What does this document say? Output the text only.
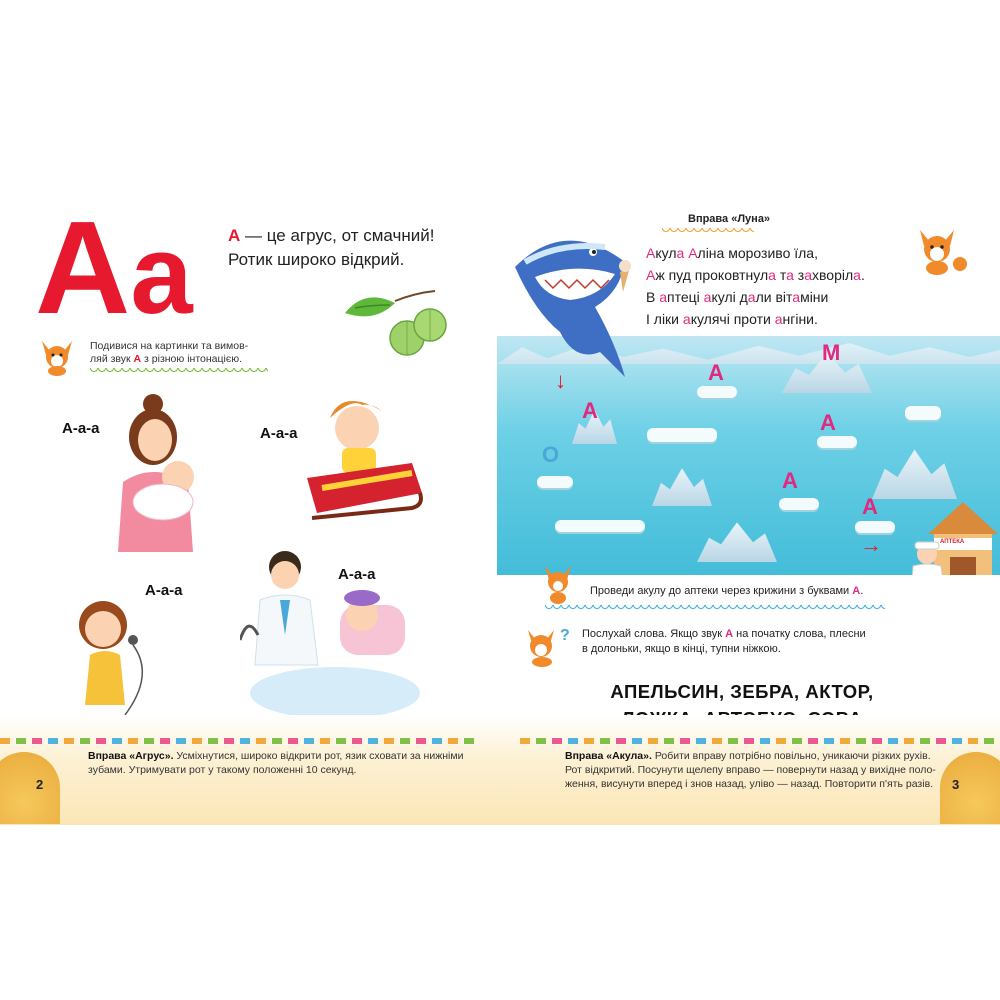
Аа А — це агрус, от смачний!
Ротик широко відкрий.
Подивися на картинки та вимов-
ляй звук А з різною інтонацією.
А-а-а	А-а-а
А-а-а
А-а-а
Вправа «Луна»
Акула Аліна морозиво їла,
Аж пуд проковтнула та захворіла.
В аптеці акулі дали вітаміни
І ліки акулячі проти ангіни.
А
А
О
А
А
А
М
↓
→	АПТЕКА
Проведи акулу до аптеки через крижини з буквами А.
? Послухай слова. Якщо звук А на початку слова, плесни
в долоньки, якщо в кінці, тупни ніжкою.
АПЕЛЬСИН, ЗЕБРА, АКТОР,
2	3
Вправа «Агрус». Усміхнутися, широко відкрити рот, язик сховати за нижніми
зубами. Утримувати рот у такому положенні 10 секунд.
Вправа «Акула». Робити вправу потрібно повільно, уникаючи різких рухів.
Рот відкритий. Посунути щелепу вправо — повернути назад у вихідне поло-
ження, висунути вперед і знов назад, уліво — назад. Повторити п'ять разів.
